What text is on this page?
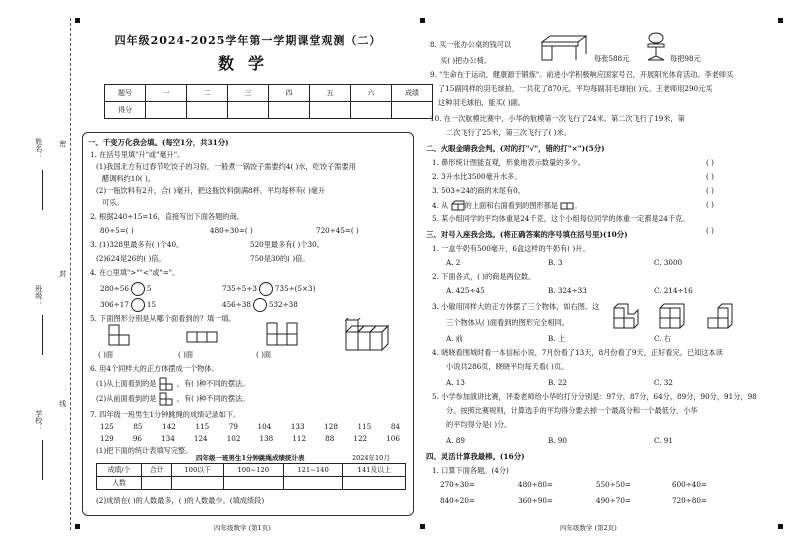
姓名：
班级：
学校：
密
封
线
四年级2024-2025学年第一学期课堂观测（二）
数学
题号	一	二	三	四	五	六	成绩
得分							
一、千变万化我会填。(每空1分，共31分)
1. 在括号里填"升"或"毫升"。
(1)我国北方有过春节吃饺子的习俗，一般煮一锅饺子需要约4( )水，吃饺子需要用
醋调料约10( )。
(2)一瓶饮料有2升，合( )毫升，把这瓶饮料倒满8杯，平均每杯有( )毫升
可乐。
2. 根据240÷15=16，直接写出下面各题的商。
80÷5=( )	480÷30=( )	720÷45=( )
3. (1)328里最多有( )个40。	520里最多有( )个30。
(2)624是26的( )倍。	750是30的( )倍。
4. 在○里填">""<"或"="。
280÷56	5	735÷5÷3	735÷(5×3)
306÷17	15	456÷38	532÷38
5. 下面图形分别是从哪个面看到的？填一填。
( )面	( )面	( )面
6. 用4个同样大的正方体摆成一个物体。
(1)从上面看到的是	，有( )种不同的摆法。
(2)从前面看到的是	，有( )种不同的摆法。
7. 四年级一班男生1分钟跳绳的成绩记录如下。
125	85	142	115	79	104	133	128	115	84
129	96	134	124	102	138	112	88	122	106
(1)把下面的统计表填写完整。
四年级一班男生1分钟跳绳成绩统计表	2024年10月
成绩/个	合计	100以下	100~120	121~140	141及以上
人数					
(2)成绩在( )的人数最多，( )的人数最少。(填成绩段)
四年级数学 (第1页)
8. 买一张办公桌的钱可以
买( )把办公椅。	每张588元	每把98元
9. "生命在于运动，健康源于锻炼"。前进小学积极响应国家号召，开展阳光体育活动。李老师买
了15副同样的羽毛球拍，一共花了870元，平均每副羽毛球拍( )元。王老师用290元买
这种羽毛球拍，能买( )副。
10. 在一次航模比赛中，小华的航模第一次飞行了24米。第二次飞行了19米，第
二次飞行了25米，第三次飞行了( )米。
二、火眼金睛我会判。(对的打"√"，错的打"×")(5分)
1. 鼻形统计图能直观，形象地表示数量的多少。	( )
2. 3升水比3500毫升水多。	( )
3. 503÷24的商的末尾有0。	( )
4. 从 的上面和右面看到的图形都是 。	( )
5. 某小组同学的平均体重是24千克，这个小组每位同学的体重一定都是24千克。
( )
三、对号入座我会选。(将正确答案的序号填在括号里)(10分)
1. 一盒牛奶有500毫升，6盒这样的牛奶有( )升。
A. 2	B. 3	C. 3000
2. 下面各式，( )的商是两位数。
A. 425÷45	B. 324÷33	C. 214÷16
3. 小敏用同样大的正方体摆了三个物体，如右图。这
三个物体从( )面看到的图形完全相同。
A. 前	B. 上	C. 右
4. 晓晓看围城时看一本信标小说，7月份看了13天，8月份看了9天，正好看完。已知这本读
小说共286页，晓晓平均每天看( )页。
A. 13	B. 22	C. 32
5. 小学参加演讲比赛，评委老师给小华的打分分别是：97分，87分，64分，89分，90分，91分，98
分。按照比赛规则，计算选手的平均得分要去掉一个最高分和一个最低分，小华
的平均得分是( )分。
A. 89	B. 90	C. 91
四、灵活计算我最棒。(16分)
1. 口算下面各题。(4分)
270÷30=	480÷80=	550÷50=	600÷40=
840÷20=	360÷90=	490÷70=	720÷80=
四年级数学 (第2页)
